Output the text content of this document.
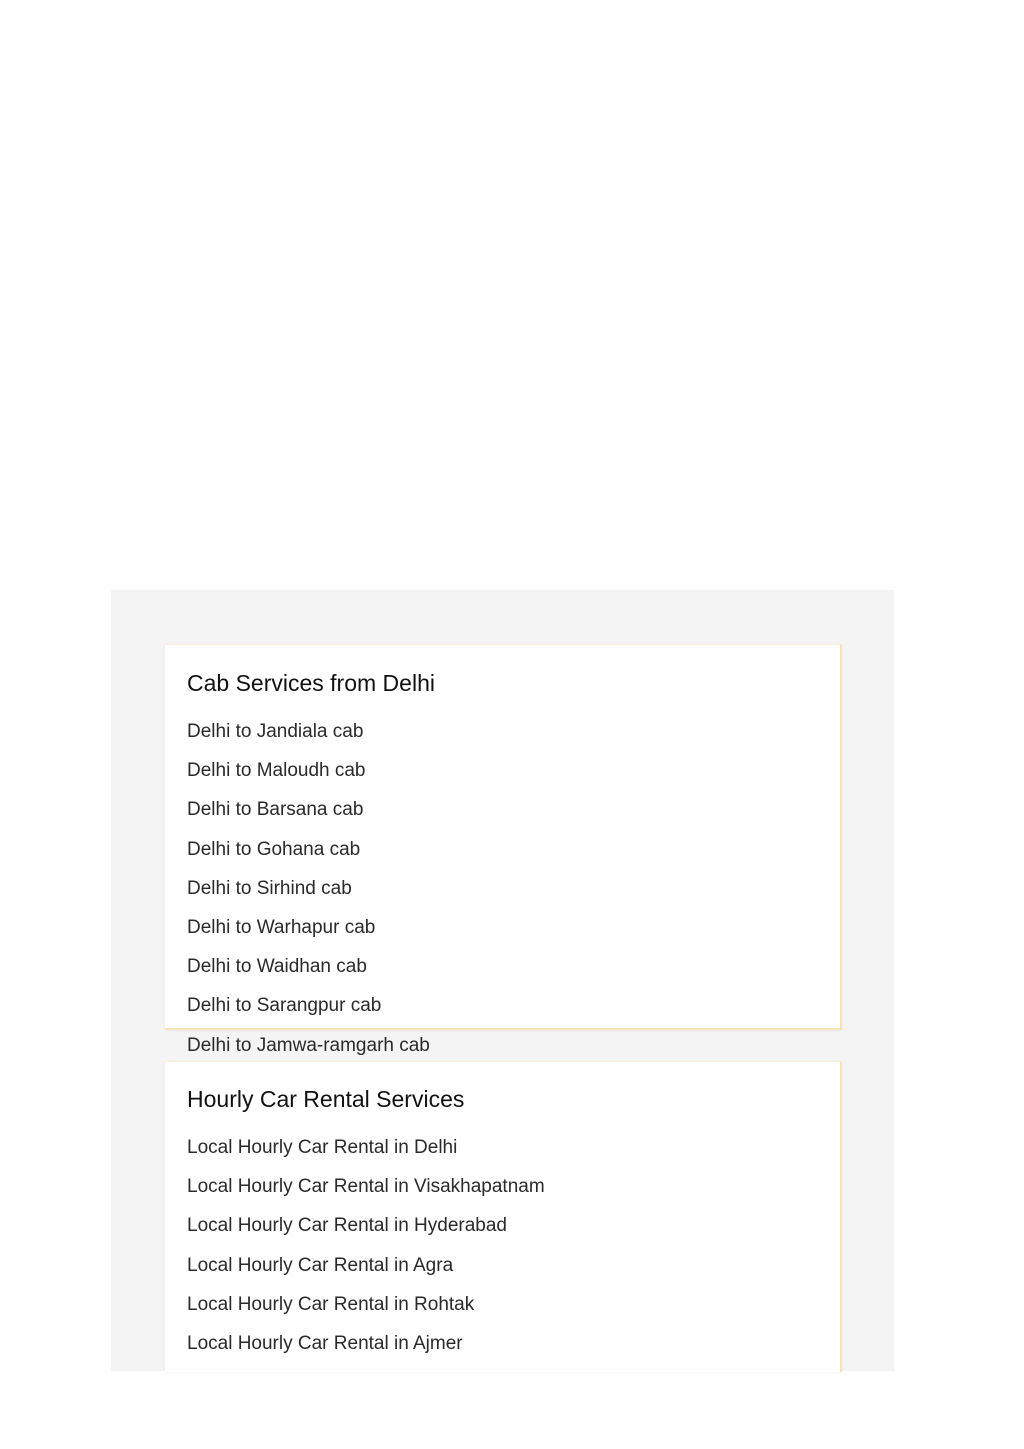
Cab Services from Delhi
Delhi to Jandiala cab
Delhi to Maloudh cab
Delhi to Barsana cab
Delhi to Gohana cab
Delhi to Sirhind cab
Delhi to Warhapur cab
Delhi to Waidhan cab
Delhi to Sarangpur cab
Delhi to Jamwa-ramgarh cab
Hourly Car Rental Services
Local Hourly Car Rental in Delhi
Local Hourly Car Rental in Visakhapatnam
Local Hourly Car Rental in Hyderabad
Local Hourly Car Rental in Agra
Local Hourly Car Rental in Rohtak
Local Hourly Car Rental in Ajmer
